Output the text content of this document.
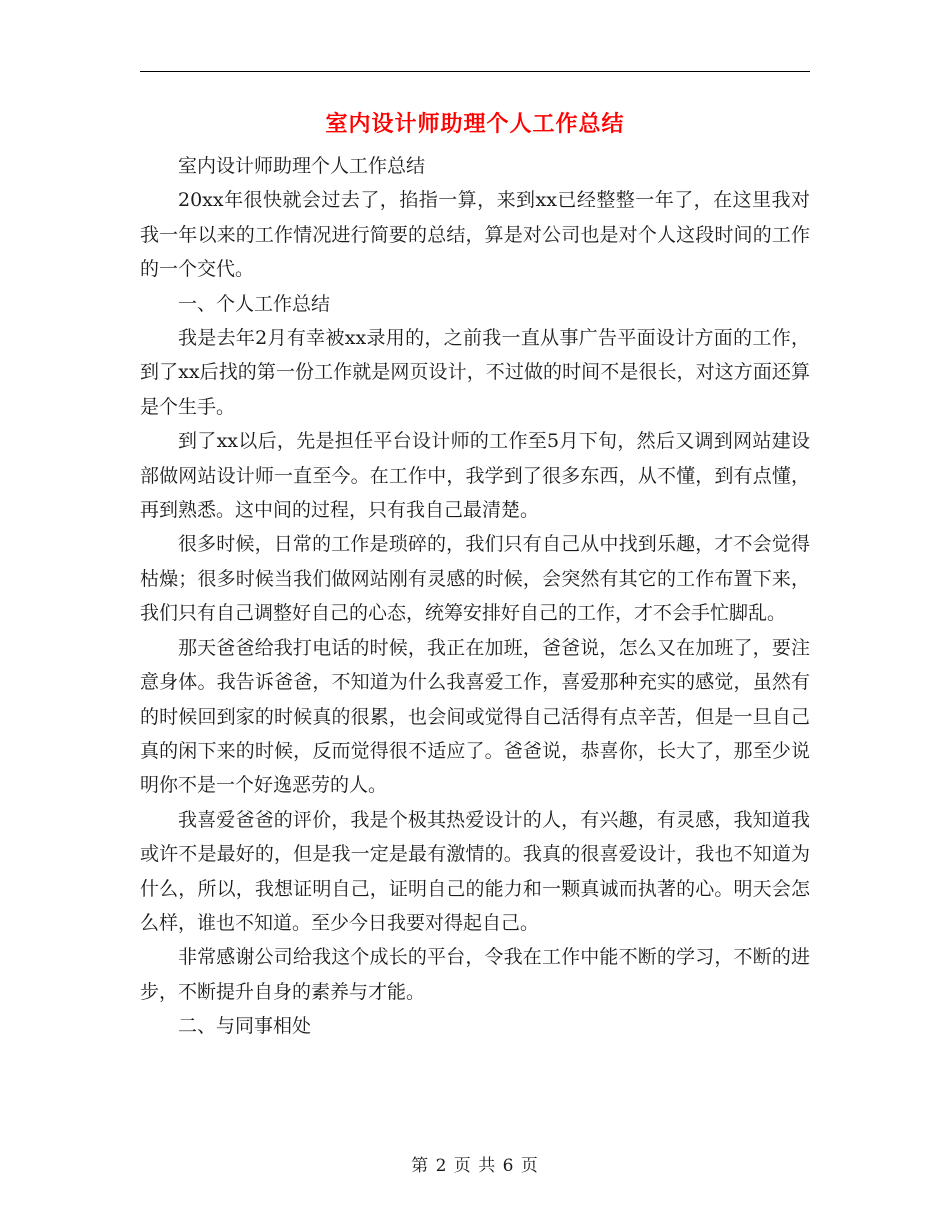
室内设计师助理个人工作总结

室内设计师助理个人工作总结

20xx年很快就会过去了，掐指一算，来到xx已经整整一年了，在这里我对我一年以来的工作情况进行简要的总结，算是对公司也是对个人这段时间的工作的一个交代。

一、个人工作总结

我是去年2月有幸被xx录用的，之前我一直从事广告平面设计方面的工作，到了xx后找的第一份工作就是网页设计，不过做的时间不是很长，对这方面还算是个生手。

到了xx以后，先是担任平台设计师的工作至5月下旬，然后又调到网站建设部做网站设计师一直至今。在工作中，我学到了很多东西，从不懂，到有点懂，再到熟悉。这中间的过程，只有我自己最清楚。

很多时候，日常的工作是琐碎的，我们只有自己从中找到乐趣，才不会觉得枯燥；很多时候当我们做网站刚有灵感的时候，会突然有其它的工作布置下来，我们只有自己调整好自己的心态，统筹安排好自己的工作，才不会手忙脚乱。

那天爸爸给我打电话的时候，我正在加班，爸爸说，怎么又在加班了，要注意身体。我告诉爸爸，不知道为什么我喜爱工作，喜爱那种充实的感觉，虽然有的时候回到家的时候真的很累，也会间或觉得自己活得有点辛苦，但是一旦自己真的闲下来的时候，反而觉得很不适应了。爸爸说，恭喜你，长大了，那至少说明你不是一个好逸恶劳的人。

我喜爱爸爸的评价，我是个极其热爱设计的人，有兴趣，有灵感，我知道我或许不是最好的，但是我一定是最有激情的。我真的很喜爱设计，我也不知道为什么，所以，我想证明自己，证明自己的能力和一颗真诚而执著的心。明天会怎么样，谁也不知道。至少今日我要对得起自己。

非常感谢公司给我这个成长的平台，令我在工作中能不断的学习，不断的进步，不断提升自身的素养与才能。

二、与同事相处

第 2 页 共 6 页
